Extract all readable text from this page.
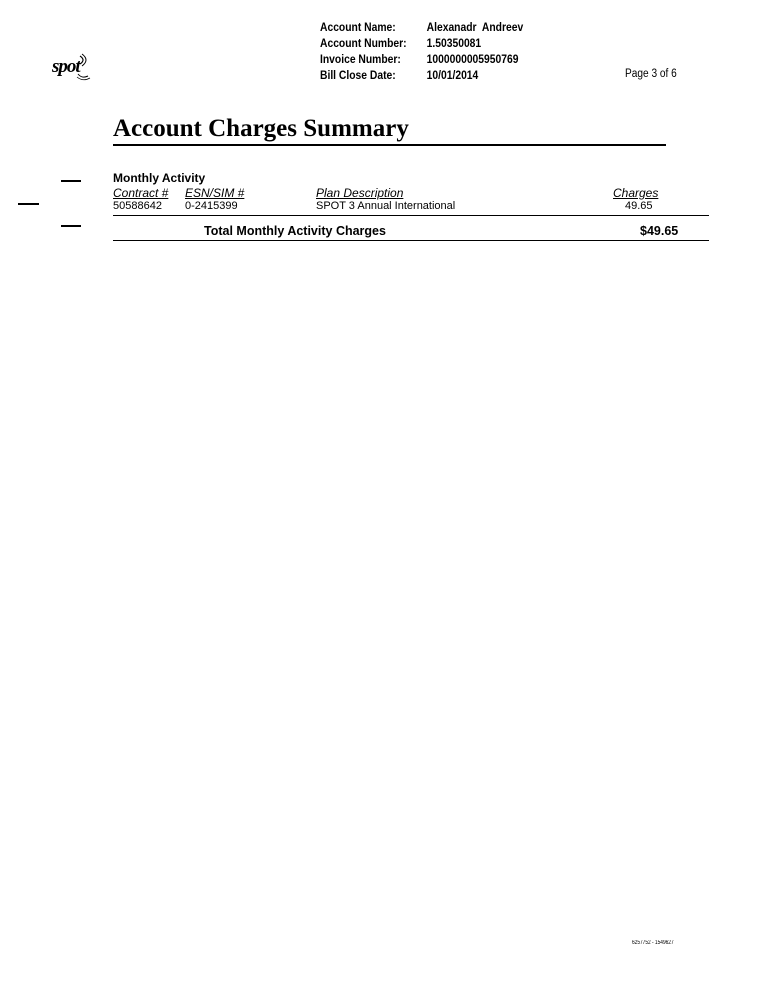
spot
Account Name:	Alexanadr  Andreev
Account Number:	1.50350081
Invoice Number:	1000000005950769
Bill Close Date:	10/01/2014	Page 3 of 6
Account Charges Summary
Monthly Activity
Contract # ESN/SIM #	Plan Description	Charges
50588642 0-2415399	SPOT 3 Annual International	49.65
Total Monthly Activity Charges	$49.65
6257752 - 1549627
